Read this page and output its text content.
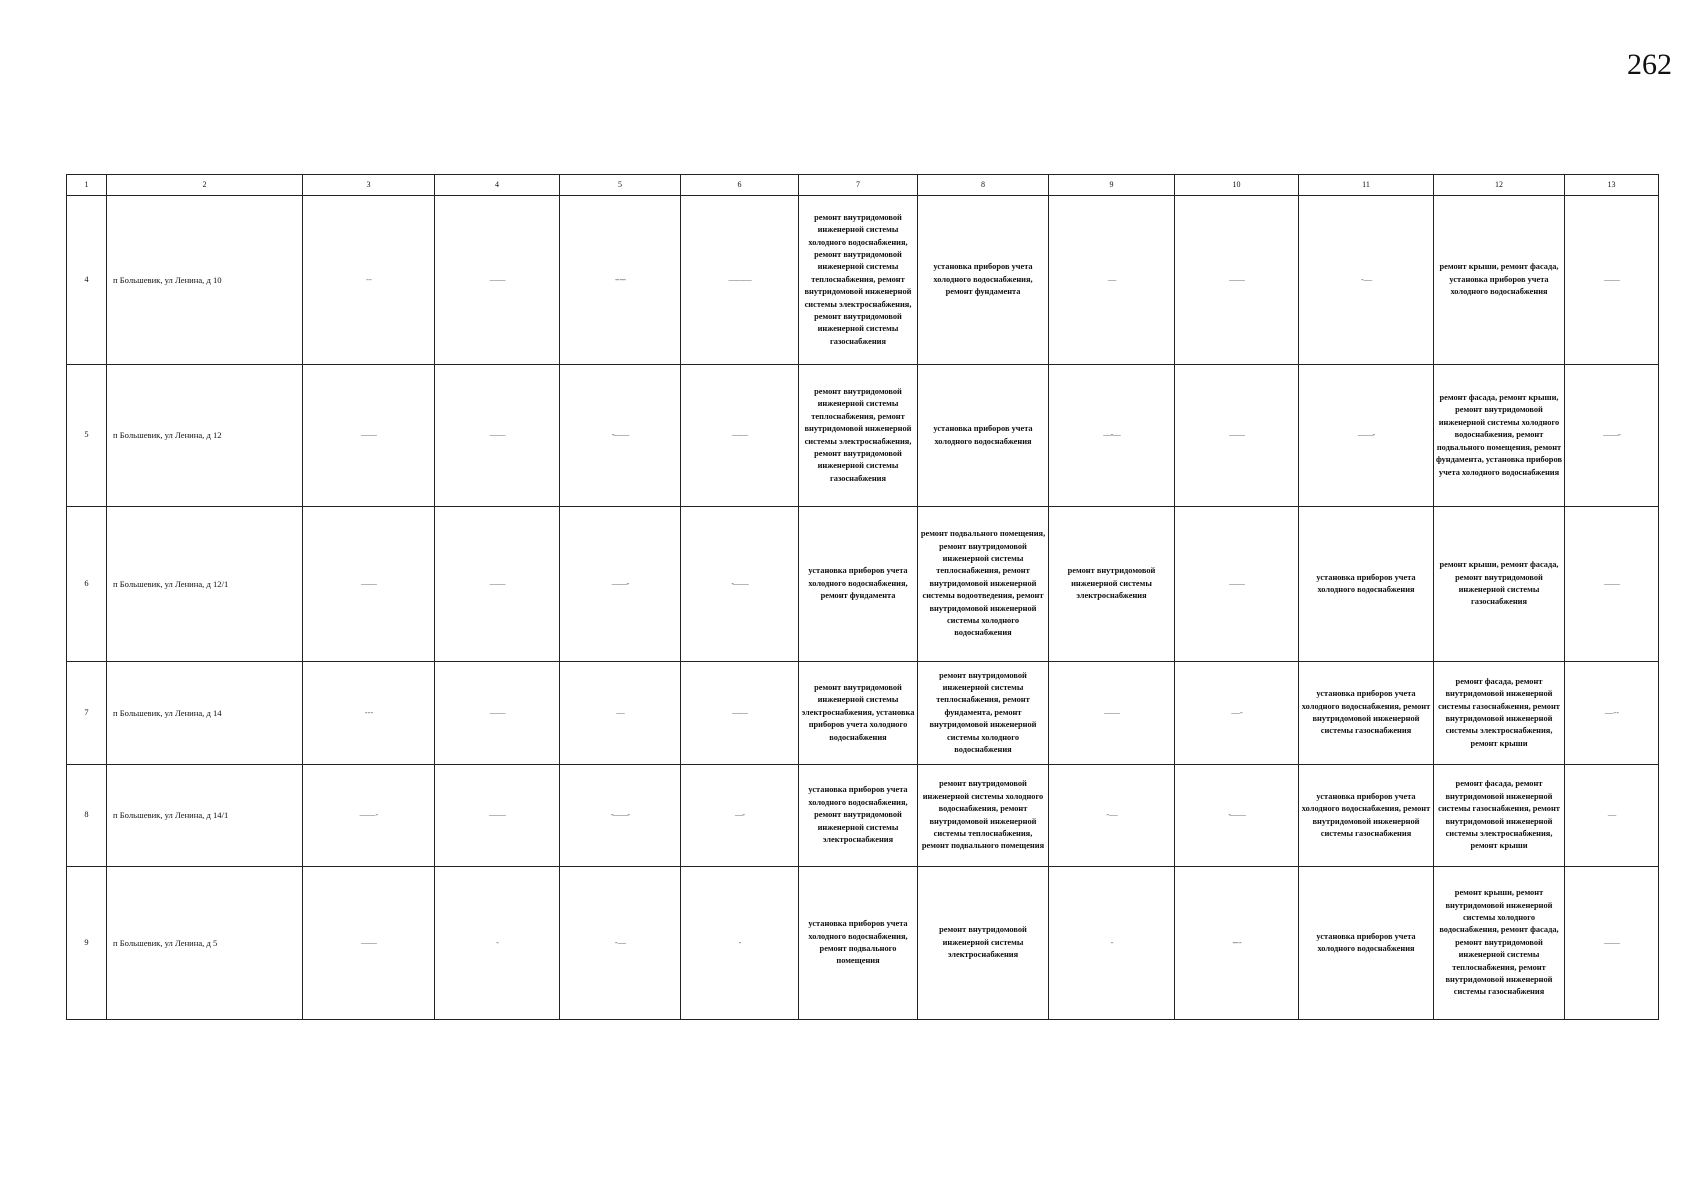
262
1	2	3	4	5	6	7	8	9	10	11	12	13
4	п Большевик, ул Ленина, д 10	- -	——	-- ---	———	ремонт внутридомовой инженерной системы холодного водоснабжения, ремонт внутридомовой инженерной системы теплоснабжения, ремонт внутридомовой инженерной системы электроснабжения, ремонт внутридомовой инженерной системы газоснабжения	установка приборов учета холодного водоснабжения, ремонт фундамента	—	——	- —	ремонт крыши, ремонт фасада, установка приборов учета холодного водоснабжения	——
5	п Большевик, ул Ленина, д 12	——	——	-——	——	ремонт внутридомовой инженерной системы теплоснабжения, ремонт внутридомовой инженерной системы электроснабжения, ремонт внутридомовой инженерной системы газоснабжения	установка приборов учета холодного водоснабжения	—-—	——	——-	ремонт фасада, ремонт крыши, ремонт внутридомовой инженерной системы холодного водоснабжения, ремонт подвального помещения, ремонт фундамента, установка приборов учета холодного водоснабжения	——-
6	п Большевик, ул Ленина, д 12/1	——	——	——-	-——	установка приборов учета холодного водоснабжения, ремонт фундамента	ремонт подвального помещения, ремонт внутридомовой инженерной системы теплоснабжения, ремонт внутридомовой инженерной системы водоотведения, ремонт внутридомовой инженерной системы холодного водоснабжения	ремонт внутридомовой инженерной системы электроснабжения	——	установка приборов учета холодного водоснабжения	ремонт крыши, ремонт фасада, ремонт внутридомовой инженерной системы газоснабжения	——
7	п Большевик, ул Ленина, д 14	- - -	——	—	——	ремонт внутридомовой инженерной системы электроснабжения, установка приборов учета холодного водоснабжения	ремонт внутридомовой инженерной системы теплоснабжения, ремонт фундамента, ремонт внутридомовой инженерной системы холодного водоснабжения	——	— -	установка приборов учета холодного водоснабжения, ремонт внутридомовой инженерной системы газоснабжения	ремонт фасада, ремонт внутридомовой инженерной системы газоснабжения, ремонт внутридомовой инженерной системы электроснабжения, ремонт крыши	— - -
8	п Большевик, ул Ленина, д 14/1	—— -	— —	-——-	—-	установка приборов учета холодного водоснабжения, ремонт внутридомовой инженерной системы электроснабжения	ремонт внутридомовой инженерной системы холодного водоснабжения, ремонт внутридомовой инженерной системы теплоснабжения, ремонт подвального помещения	- —	-——	установка приборов учета холодного водоснабжения, ремонт внутридомовой инженерной системы газоснабжения	ремонт фасада, ремонт внутридомовой инженерной системы газоснабжения, ремонт внутридомовой инженерной системы электроснабжения, ремонт крыши	—
9	п Большевик, ул Ленина, д 5	——	-	- —	-	установка приборов учета холодного водоснабжения, ремонт подвального помещения	ремонт внутридомовой инженерной системы электроснабжения	-	--- -	установка приборов учета холодного водоснабжения	ремонт крыши, ремонт внутридомовой инженерной системы холодного водоснабжения, ремонт фасада, ремонт внутридомовой инженерной системы теплоснабжения, ремонт внутридомовой инженерной системы газоснабжения	——
